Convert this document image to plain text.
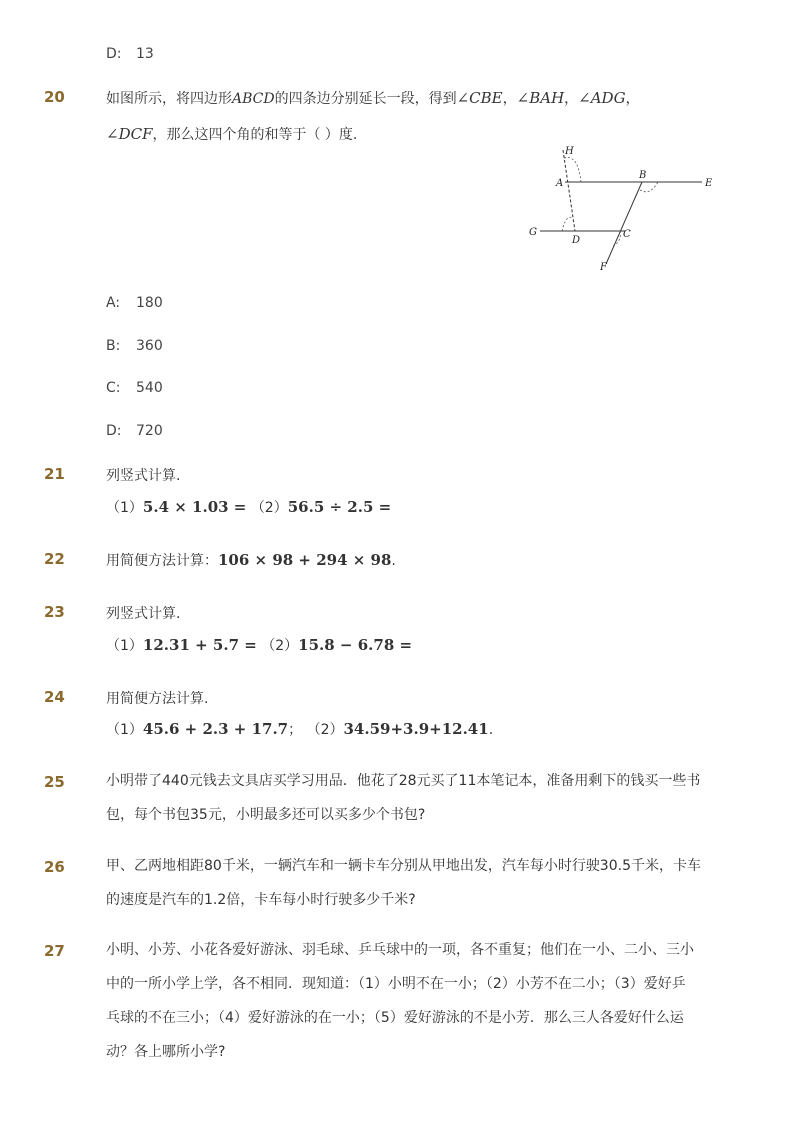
D: 13
20	如图所示，将四边形ABCD的四条边分别延长一段，得到∠CBE，∠BAH，∠ADG，
∠DCF，那么这四个角的和等于（ ）度.
H
A
B
E
G
D
C
F
A: 180
B: 360
C: 540
D: 720
21	列竖式计算.
（1）5.4 × 1.03 = （2）56.5 ÷ 2.5 =
22	用简便方法计算：106 × 98 + 294 × 98.
23	列竖式计算.
（1）12.31 + 5.7 = （2）15.8 − 6.78 =
24	用简便方法计算.
（1）45.6 + 2.3 + 17.7； （2）34.59+3.9+12.41.
25	小明带了440元钱去文具店买学习用品．他花了28元买了11本笔记本，准备用剩下的钱买一些书
包，每个书包35元，小明最多还可以买多少个书包?
26	甲、乙两地相距80千米，一辆汽车和一辆卡车分别从甲地出发，汽车每小时行驶30.5千米，卡车
的速度是汽车的1.2倍，卡车每小时行驶多少千米?
27	小明、小芳、小花各爱好游泳、羽毛球、乒乓球中的一项，各不重复；他们在一小、二小、三小
中的一所小学上学，各不相同．现知道：（1）小明不在一小；（2）小芳不在二小；（3）爱好乒
乓球的不在三小；（4）爱好游泳的在一小；（5）爱好游泳的不是小芳．那么三人各爱好什么运
动？各上哪所小学?
